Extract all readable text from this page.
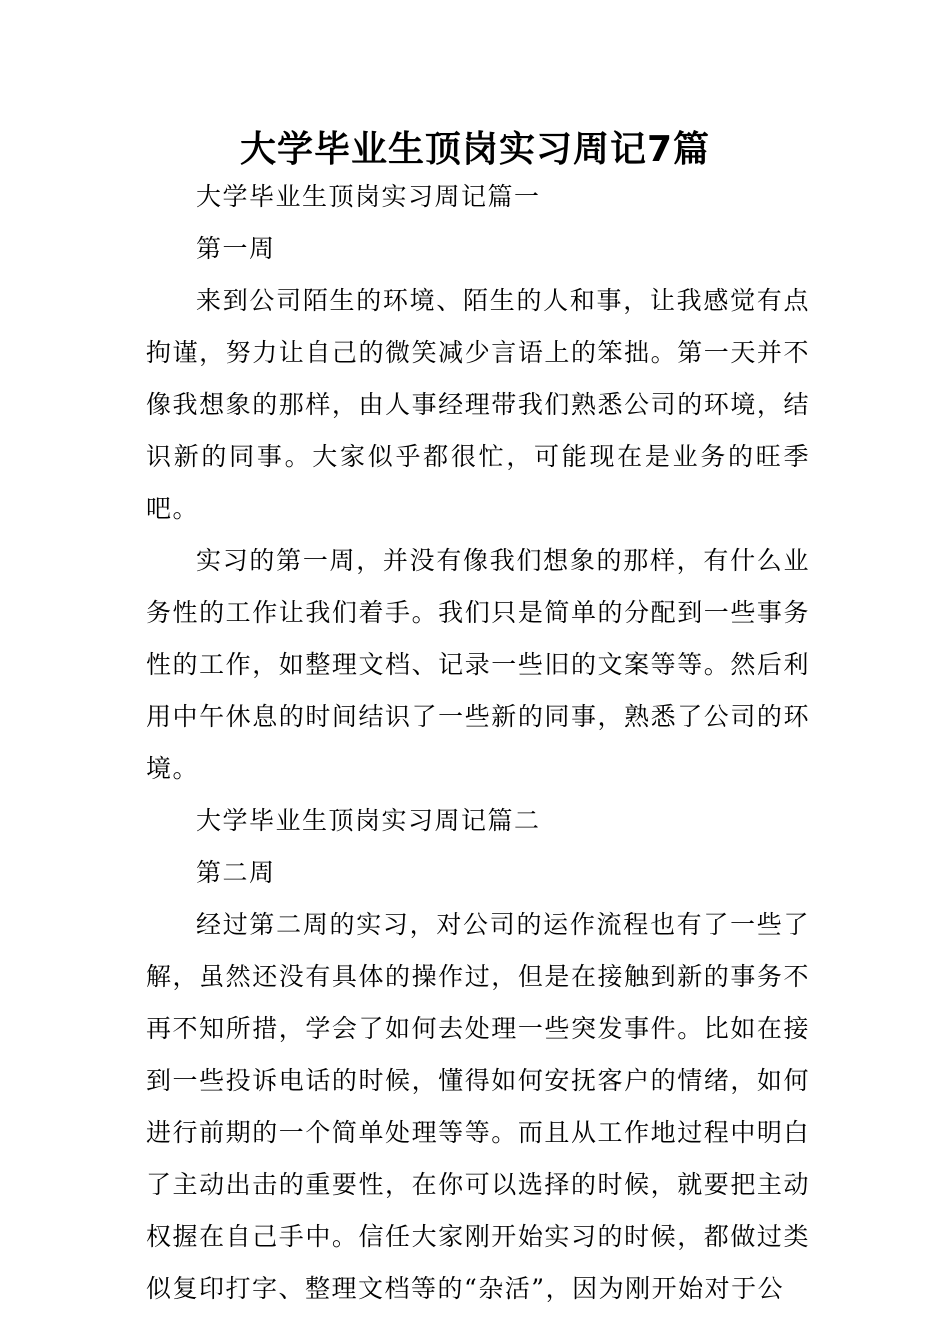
大学毕业生顶岗实习周记7篇

大学毕业生顶岗实习周记篇一

第一周

来到公司陌生的环境、陌生的人和事，让我感觉有点拘谨，努力让自己的微笑减少言语上的笨拙。第一天并不像我想象的那样，由人事经理带我们熟悉公司的环境，结识新的同事。大家似乎都很忙，可能现在是业务的旺季吧。

实习的第一周，并没有像我们想象的那样，有什么业务性的工作让我们着手。我们只是简单的分配到一些事务性的工作，如整理文档、记录一些旧的文案等等。然后利用中午休息的时间结识了一些新的同事，熟悉了公司的环境。

大学毕业生顶岗实习周记篇二

第二周

经过第二周的实习，对公司的运作流程也有了一些了解，虽然还没有具体的操作过，但是在接触到新的事务不再不知所措，学会了如何去处理一些突发事件。比如在接到一些投诉电话的时候，懂得如何安抚客户的情绪，如何进行前期的一个简单处理等等。而且从工作地过程中明白了主动出击的重要性，在你可以选择的时候，就要把主动权握在自己手中。信任大家刚开始实习的时候，都做过类似复印打字、整理文档等的“杂活”，因为刚开始对于公
